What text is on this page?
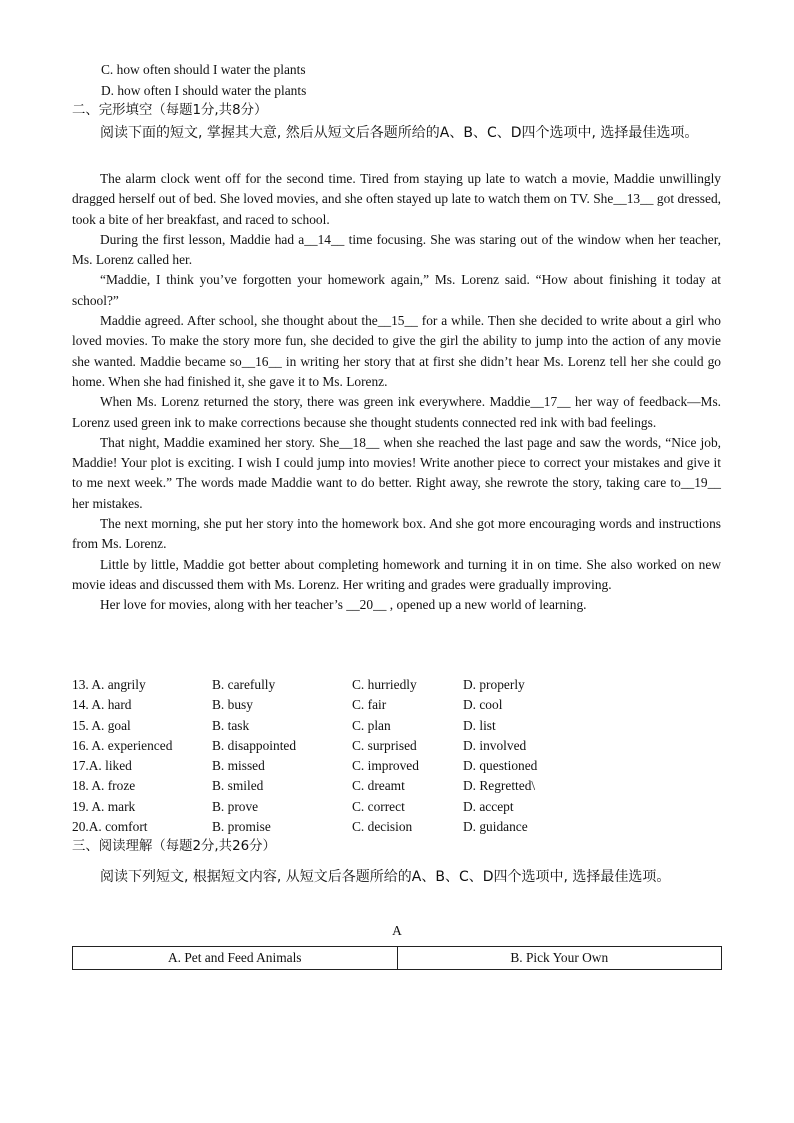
C. how often should I water the plants
D. how often I should water the plants
二、完形填空（每题1分,共8分）
阅读下面的短文, 掌握其大意, 然后从短文后各题所给的A、B、C、D四个选项中, 选择最佳选项。

The alarm clock went off for the second time. Tired from staying up late to watch a movie, Maddie unwillingly dragged herself out of bed. She loved movies, and she often stayed up late to watch them on TV. She__13__ got dressed, took a bite of her breakfast, and raced to school.

During the first lesson, Maddie had a__14__ time focusing. She was staring out of the window when her teacher, Ms. Lorenz called her.

“Maddie, I think you’ve forgotten your homework again,” Ms. Lorenz said. “How about finishing it today at school?”

Maddie agreed. After school, she thought about the__15__ for a while. Then she decided to write about a girl who loved movies. To make the story more fun, she decided to give the girl the ability to jump into the action of any movie she wanted. Maddie became so__16__ in writing her story that at first she didn’t hear Ms. Lorenz tell her she could go home. When she had finished it, she gave it to Ms. Lorenz.

When Ms. Lorenz returned the story, there was green ink everywhere. Maddie__17__ her way of feedback—Ms. Lorenz used green ink to make corrections because she thought students connected red ink with bad feelings.

That night, Maddie examined her story. She__18__ when she reached the last page and saw the words, “Nice job, Maddie! Your plot is exciting. I wish I could jump into movies! Write another piece to correct your mistakes and give it to me next week.” The words made Maddie want to do better. Right away, she rewrote the story, taking care to__19__ her mistakes.

The next morning, she put her story into the homework box. And she got more encouraging words and instructions from Ms. Lorenz.

Little by little, Maddie got better about completing homework and turning it in on time. She also worked on new movie ideas and discussed them with Ms. Lorenz. Her writing and grades were gradually improving.

Her love for movies, along with her teacher’s __20__ , opened up a new world of learning.

13. A. angrily	B. carefully	C. hurriedly	D. properly
14. A. hard	B. busy	C. fair	D. cool
15. A. goal	B. task	C. plan	D. list
16. A. experienced	B. disappointed	C. surprised	D. involved
17.A. liked	B. missed	C. improved	D. questioned
18. A. froze	B. smiled	C. dreamt	D. Regretted\
19. A. mark	B. prove	C. correct	D. accept
20.A. comfort	B. promise	C. decision	D. guidance
三、阅读理解（每题2分,共26分）
阅读下列短文, 根据短文内容, 从短文后各题所给的A、B、C、D四个选项中, 选择最佳选项。
A
A. Pet and Feed Animals	B. Pick Your Own
